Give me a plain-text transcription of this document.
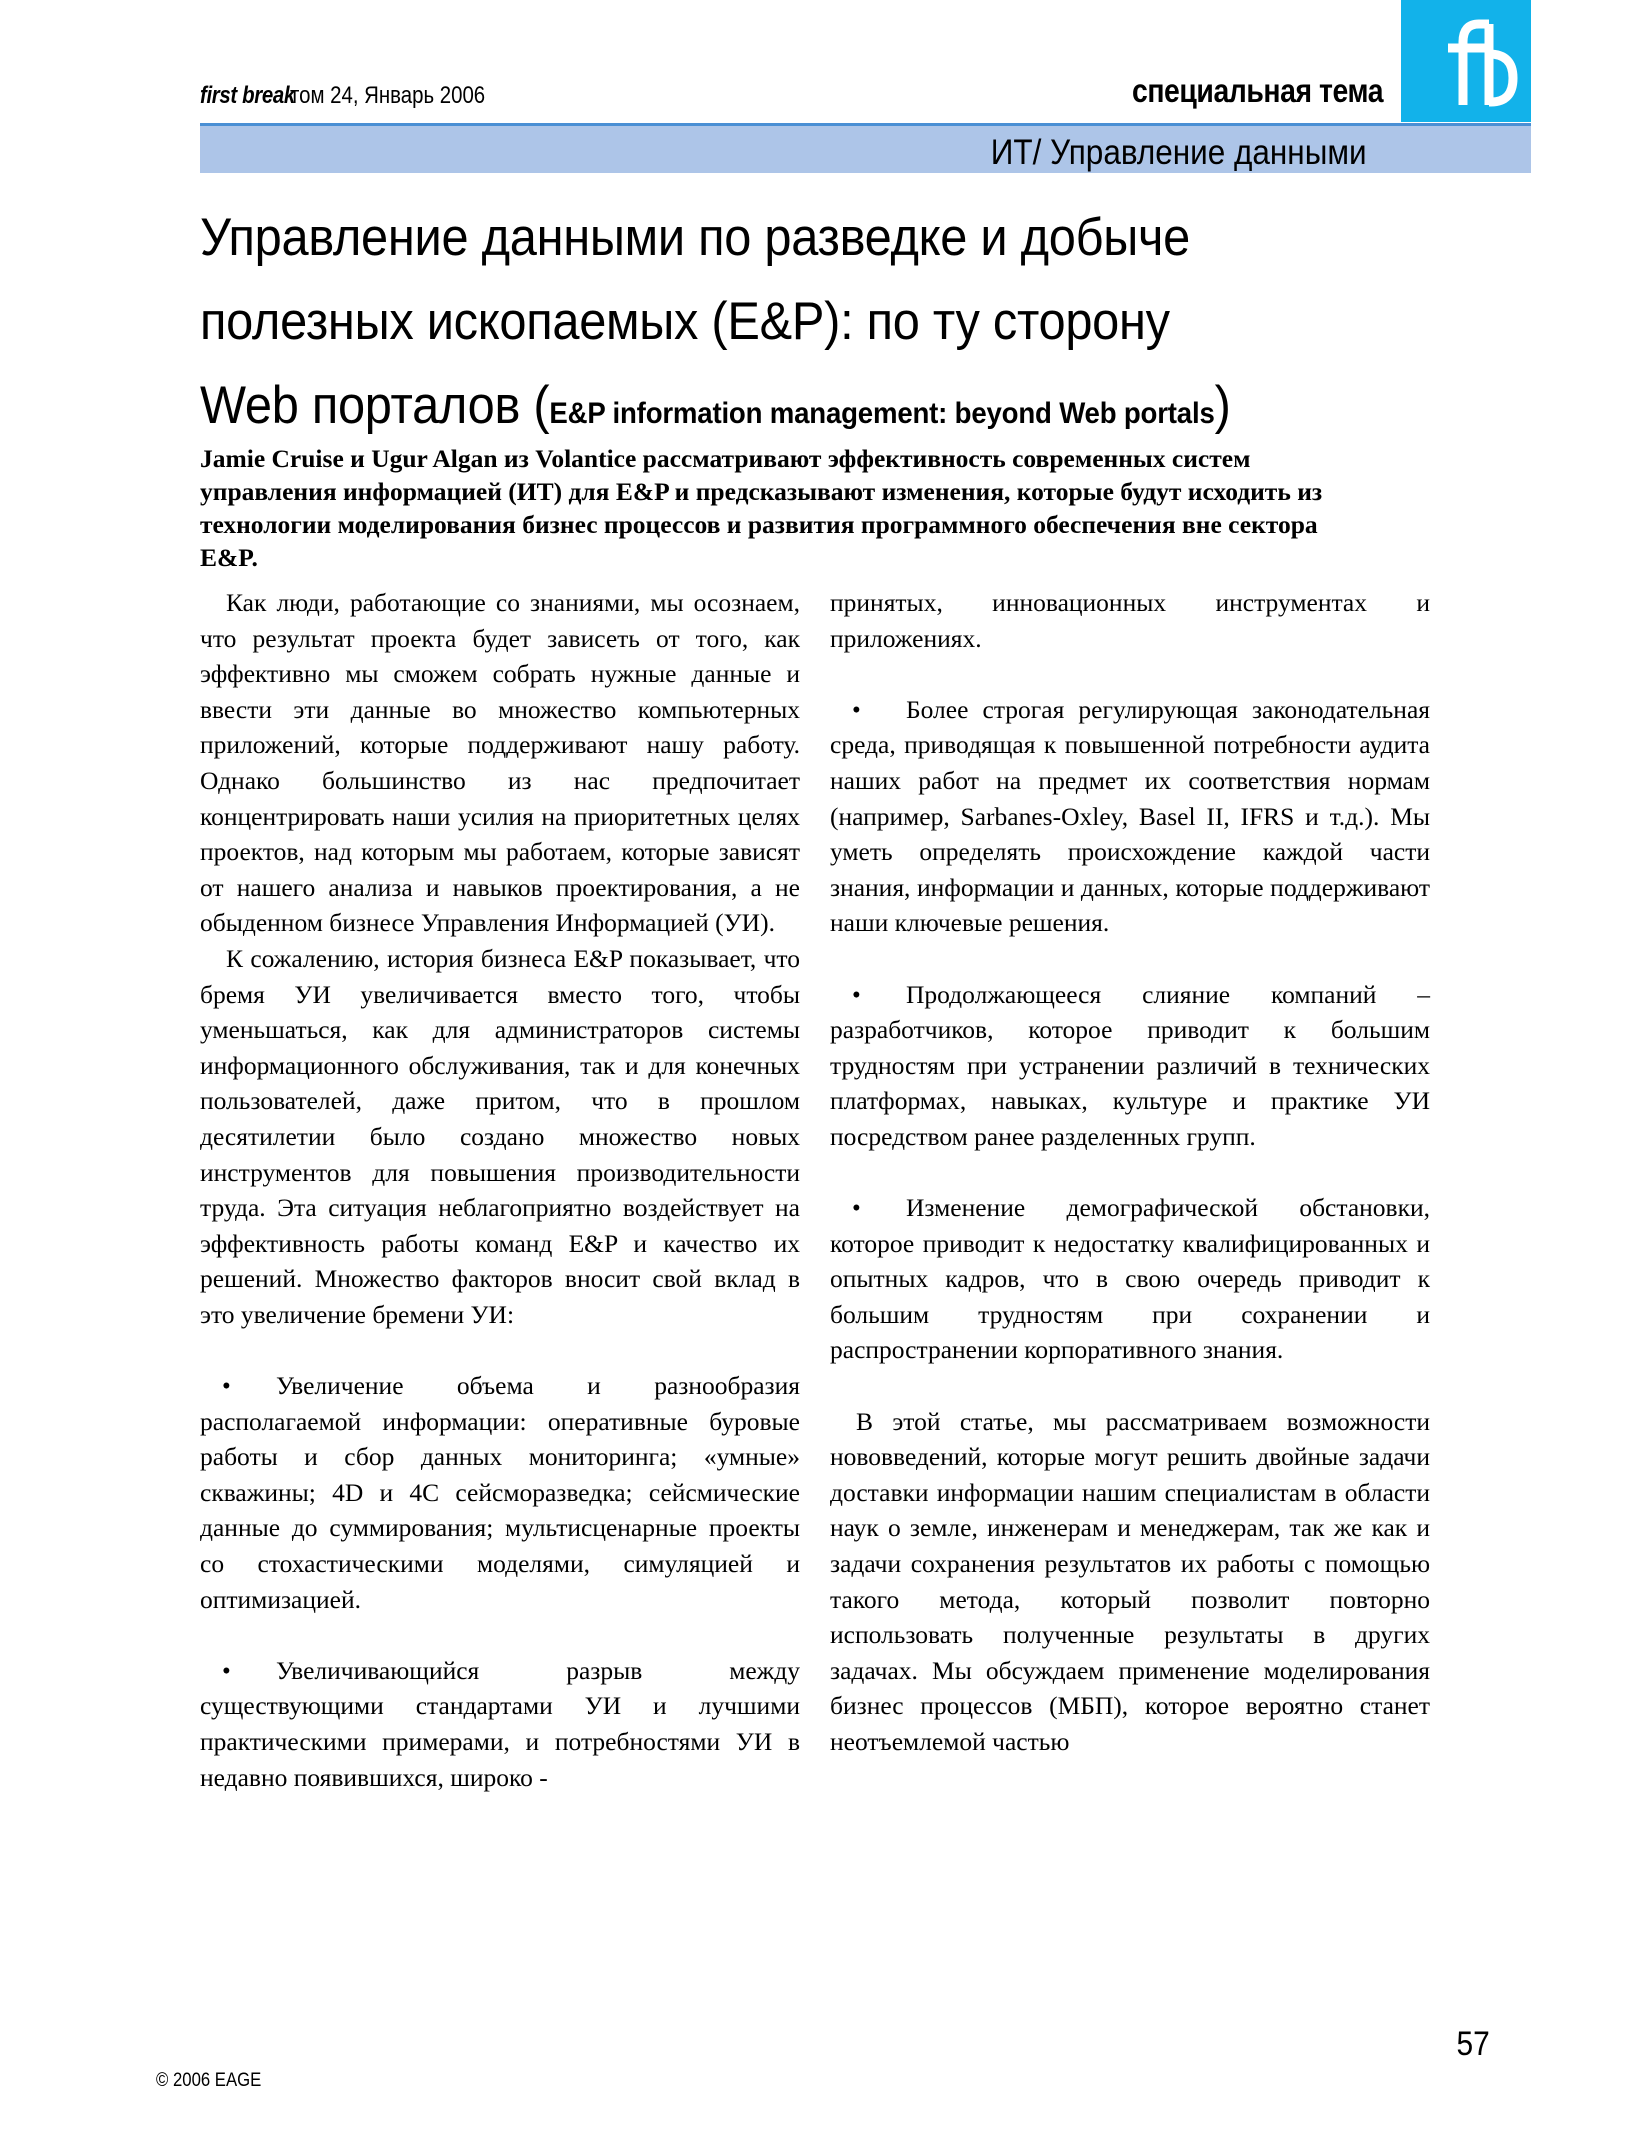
first break
том 24, Январь 2006	специальная тема
ИТ/ Управление данными
Управление данными по разведке и добыче
полезных ископаемых (E&P): по ту сторону
Web порталов (E&P information management: beyond Web portals)
Jamie Cruise и Ugur Algan из Volantice рассматривают эффективность современных систем управления информацией (ИТ) для E&P и предсказывают изменения, которые будут исходить из технологии моделирования бизнес процессов и развития программного обеспечения вне сектора E&P.

Как люди, работающие со знаниями, мы осознаем, что результат проекта будет зависеть от того, как эффективно мы сможем собрать нужные данные и ввести эти данные во множество компьютерных приложений, которые поддерживают нашу работу. Однако большинство из нас предпочитает концентрировать наши усилия на приоритетных целях проектов, над которым мы работаем, которые зависят от нашего анализа и навыков проектирования, а не обыденном бизнесе Управления Информацией (УИ).

К сожалению, история бизнеса E&P показывает, что бремя УИ увеличивается вместо того, чтобы уменьшаться, как для администраторов системы информационного обслуживания, так и для конечных пользователей, даже притом, что в прошлом десятилетии было создано множество новых инструментов для повышения производительности труда. Эта ситуация неблагоприятно воздействует на эффективность работы команд E&P и качество их решений. Множество факторов вносит свой вклад в это увеличение бремени УИ:

• Увеличение объема и разнообразия располагаемой информации: оперативные буровые работы и сбор данных мониторинга; «умные» скважины; 4D и 4C сейсморазведка; сейсмические данные до суммирования; мультисценарные проекты со стохастическими моделями, симуляцией и оптимизацией.

• Увеличивающийся разрыв между существующими стандартами УИ и лучшими практическими примерами, и потребностями УИ в недавно появившихся, широко -

принятых, инновационных инструментах и приложениях.

• Более строгая регулирующая законодательная среда, приводящая к повышенной потребности аудита наших работ на предмет их соответствия нормам (например, Sarbanes-Oxley, Basel II, IFRS и т.д.). Мы уметь определять происхождение каждой части знания, информации и данных, которые поддерживают наши ключевые решения.

• Продолжающееся слияние компаний – разработчиков, которое приводит к большим трудностям при устранении различий в технических платформах, навыках, культуре и практике УИ посредством ранее разделенных групп.

• Изменение демографической обстановки, которое приводит к недостатку квалифицированных и опытных кадров, что в свою очередь приводит к большим трудностям при сохранении и распространении корпоративного знания.

В этой статье, мы рассматриваем возможности нововведений, которые могут решить двойные задачи доставки информации нашим специалистам в области наук о земле, инженерам и менеджерам, так же как и задачи сохранения результатов их работы с помощью такого метода, который позволит повторно использовать полученные результаты в других задачах. Мы обсуждаем применение моделирования бизнес процессов (МБП), которое вероятно станет неотъемлемой частью

57
© 2006 EAGE
